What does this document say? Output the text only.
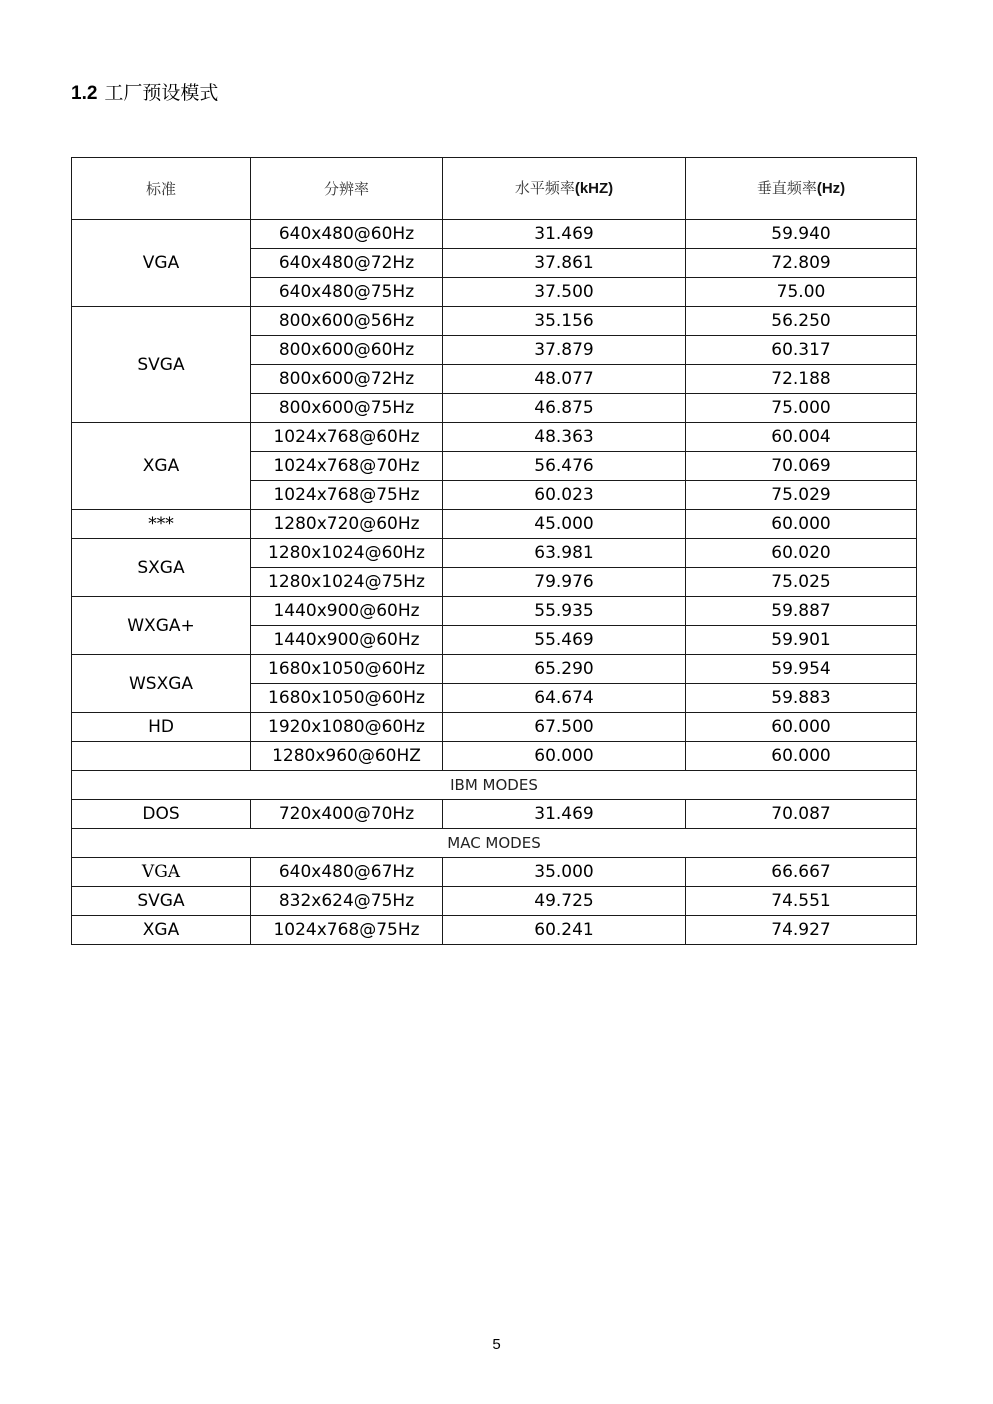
1.2 工厂预设模式
标准	分辨率	水平频率(kHZ)	垂直频率(Hz)
VGA	640x480@60Hz	31.469	59.940
	640x480@72Hz	37.861	72.809
	640x480@75Hz	37.500	75.00
SVGA	800x600@56Hz	35.156	56.250
	800x600@60Hz	37.879	60.317
	800x600@72Hz	48.077	72.188
	800x600@75Hz	46.875	75.000
XGA	1024x768@60Hz	48.363	60.004
	1024x768@70Hz	56.476	70.069
	1024x768@75Hz	60.023	75.029
***	1280x720@60Hz	45.000	60.000
SXGA	1280x1024@60Hz	63.981	60.020
	1280x1024@75Hz	79.976	75.025
WXGA+	1440x900@60Hz	55.935	59.887
	1440x900@60Hz	55.469	59.901
WSXGA	1680x1050@60Hz	65.290	59.954
	1680x1050@60Hz	64.674	59.883
HD	1920x1080@60Hz	67.500	60.000
	1280x960@60HZ	60.000	60.000
IBM MODES			
DOS	720x400@70Hz	31.469	70.087
MAC MODES			
VGA	640x480@67Hz	35.000	66.667
SVGA	832x624@75Hz	49.725	74.551
XGA	1024x768@75Hz	60.241	74.927
5
